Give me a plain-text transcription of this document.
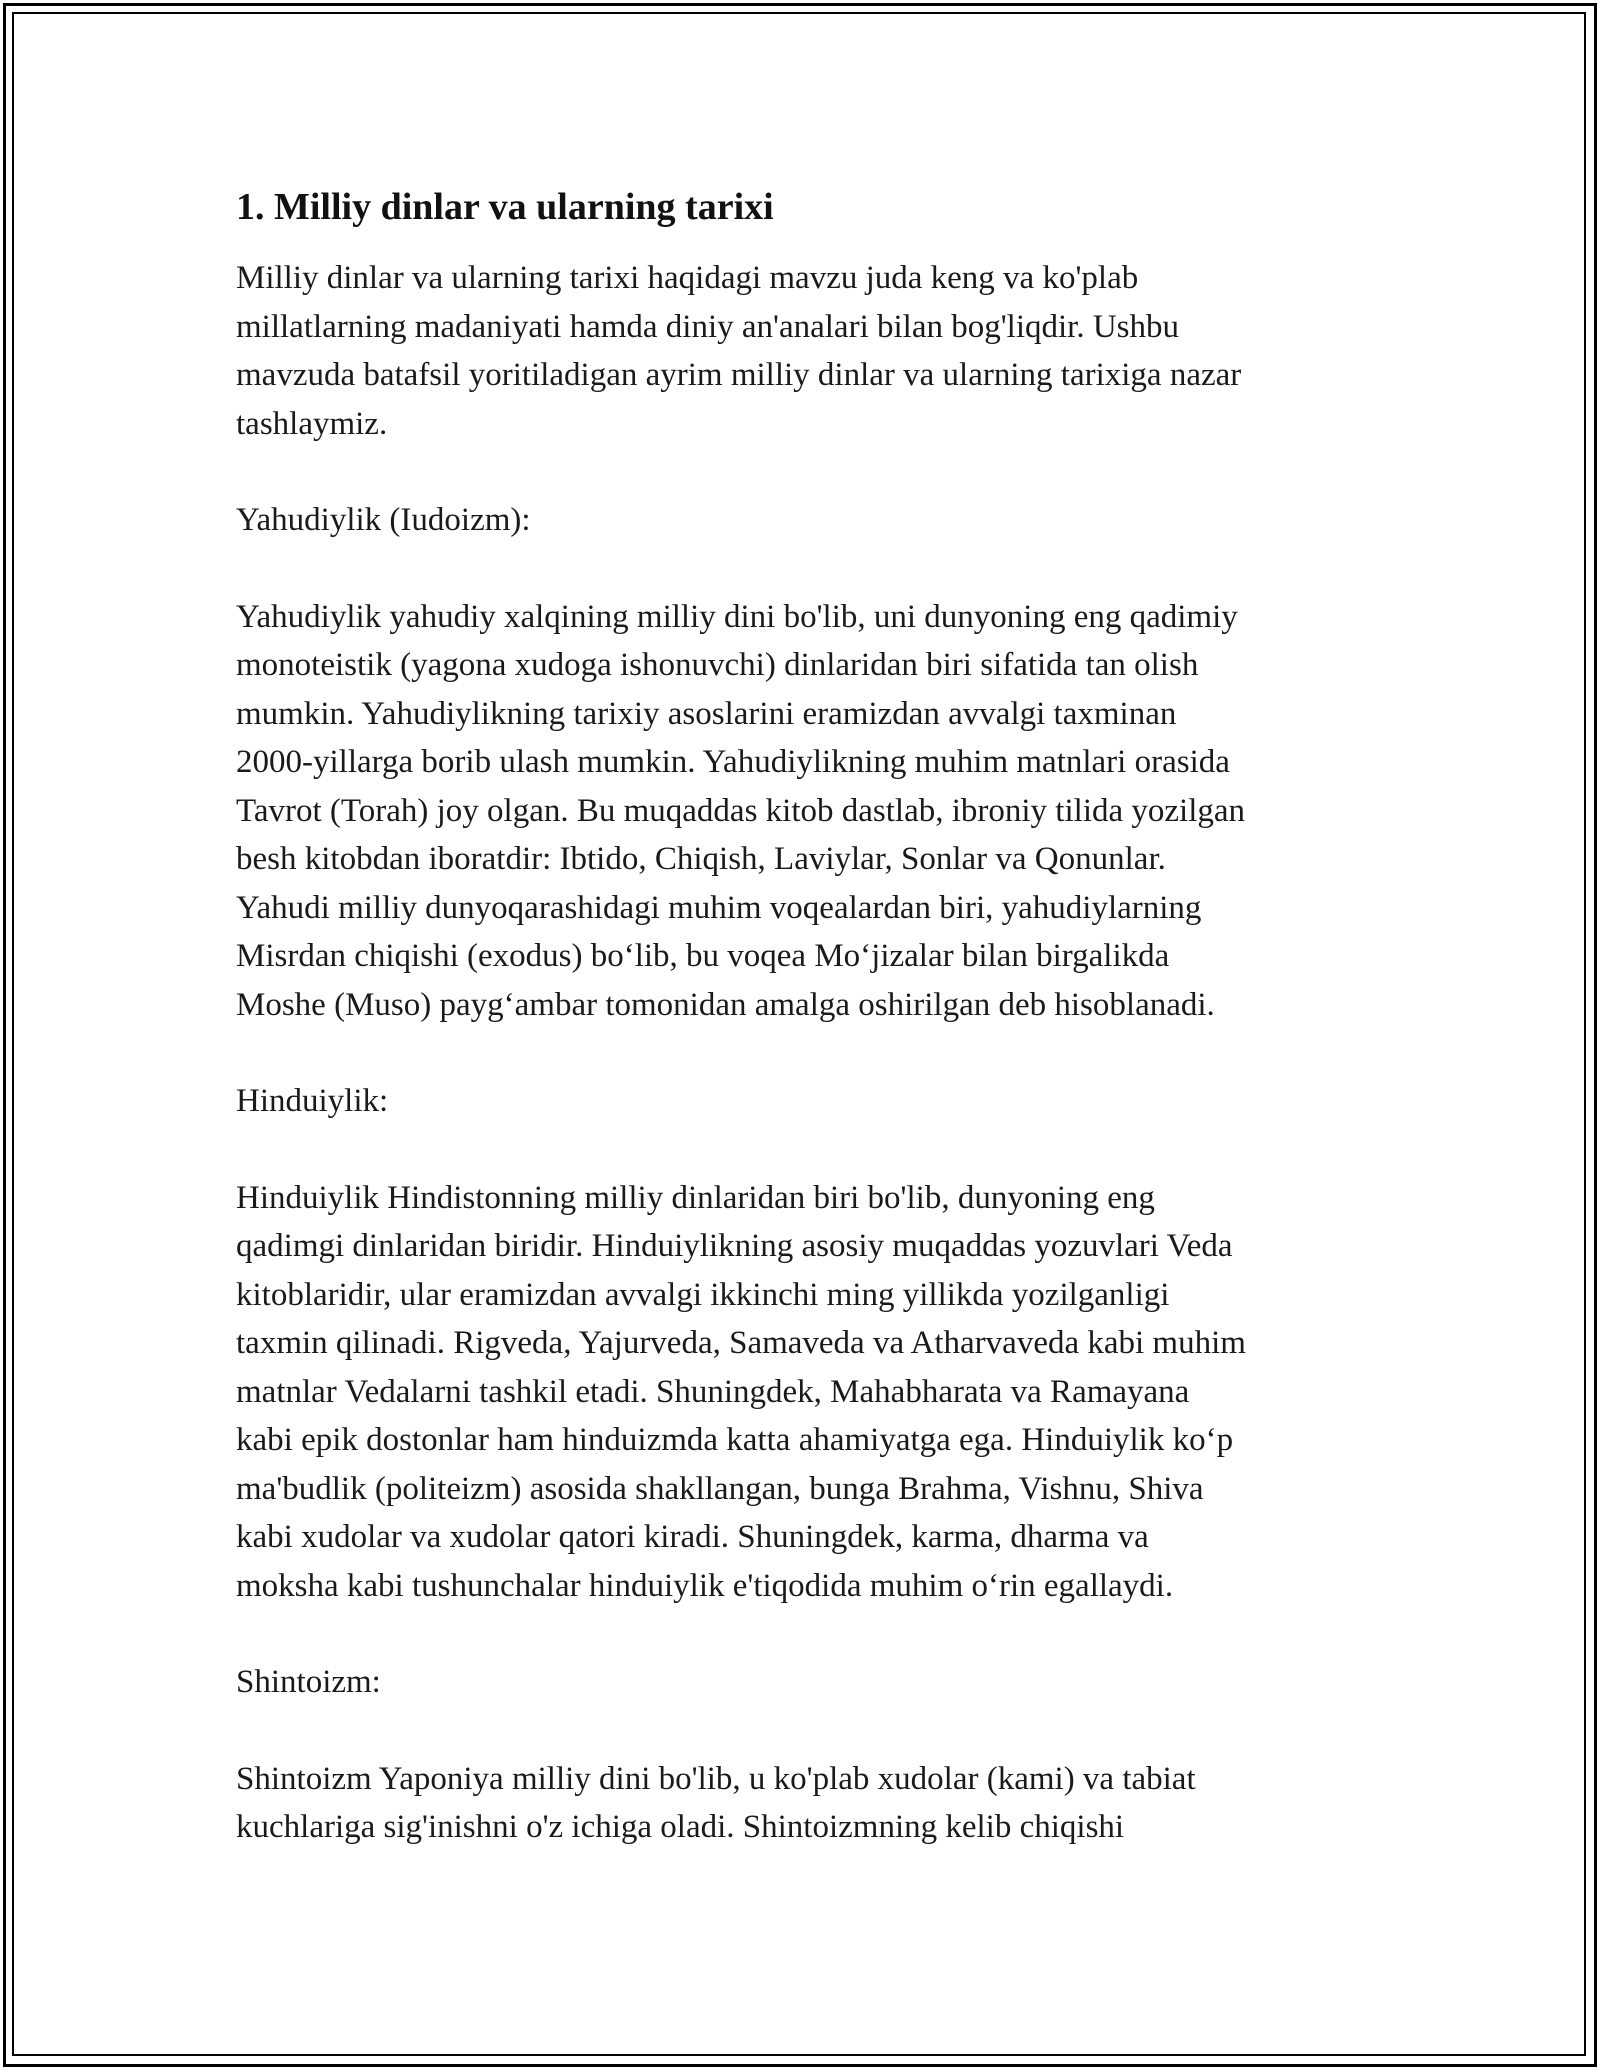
1. Milliy dinlar va ularning tarixi

Milliy dinlar va ularning tarixi haqidagi mavzu juda keng va ko'plab
millatlarning madaniyati hamda diniy an'analari bilan bog'liqdir. Ushbu
mavzuda batafsil yoritiladigan ayrim milliy dinlar va ularning tarixiga nazar
tashlaymiz.

Yahudiylik (Iudoizm):

Yahudiylik yahudiy xalqining milliy dini bo'lib, uni dunyoning eng qadimiy
monoteistik (yagona xudoga ishonuvchi) dinlaridan biri sifatida tan olish
mumkin. Yahudiylikning tarixiy asoslarini eramizdan avvalgi taxminan
2000-yillarga borib ulash mumkin. Yahudiylikning muhim matnlari orasida
Tavrot (Torah) joy olgan. Bu muqaddas kitob dastlab, ibroniy tilida yozilgan
besh kitobdan iboratdir: Ibtido, Chiqish, Laviylar, Sonlar va Qonunlar.
Yahudi milliy dunyoqarashidagi muhim voqealardan biri, yahudiylarning
Misrdan chiqishi (exodus) bo‘lib, bu voqea Mo‘jizalar bilan birgalikda
Moshe (Muso) payg‘ambar tomonidan amalga oshirilgan deb hisoblanadi.

Hinduiylik:

Hinduiylik Hindistonning milliy dinlaridan biri bo'lib, dunyoning eng
qadimgi dinlaridan biridir. Hinduiylikning asosiy muqaddas yozuvlari Veda
kitoblaridir, ular eramizdan avvalgi ikkinchi ming yillikda yozilganligi
taxmin qilinadi. Rigveda, Yajurveda, Samaveda va Atharvaveda kabi muhim
matnlar Vedalarni tashkil etadi. Shuningdek, Mahabharata va Ramayana
kabi epik dostonlar ham hinduizmda katta ahamiyatga ega. Hinduiylik ko‘p
ma'budlik (politeizm) asosida shakllangan, bunga Brahma, Vishnu, Shiva
kabi xudolar va xudolar qatori kiradi. Shuningdek, karma, dharma va
moksha kabi tushunchalar hinduiylik e'tiqodida muhim o‘rin egallaydi.

Shintoizm:

Shintoizm Yaponiya milliy dini bo'lib, u ko'plab xudolar (kami) va tabiat
kuchlariga sig'inishni o'z ichiga oladi. Shintoizmning kelib chiqishi
